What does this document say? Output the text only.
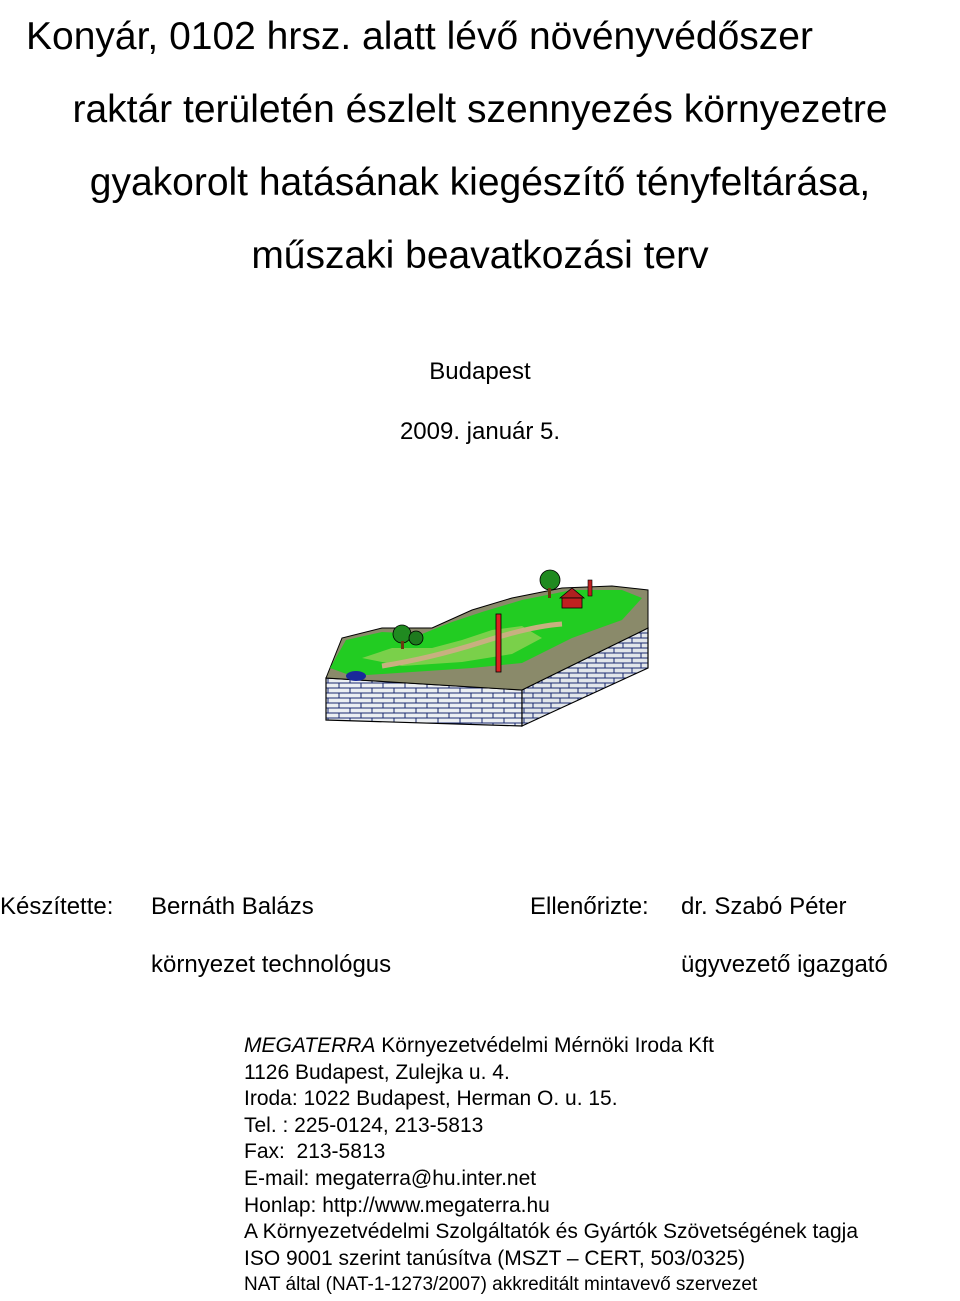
Konyár, 0102 hrsz. alatt lévő növényvédőszer
raktár területén észlelt szennyezés környezetre
gyakorolt hatásának kiegészítő tényfeltárása,
műszaki beavatkozási terv
Budapest
2009. január 5.
Készítette: Bernáth Balázs
környezet technológus
Ellenőrizte: dr. Szabó Péter
ügyvezető igazgató
MEGATERRA Környezetvédelmi Mérnöki Iroda Kft
1126 Budapest, Zulejka u. 4.
Iroda: 1022 Budapest, Herman O. u. 15.
Tel. : 225-0124, 213-5813
Fax:  213-5813
E-mail: megaterra@hu.inter.net
Honlap: http://www.megaterra.hu
A Környezetvédelmi Szolgáltatók és Gyártók Szövetségének tagja
ISO 9001 szerint tanúsítva (MSZT – CERT, 503/0325)
NAT által (NAT-1-1273/2007) akkreditált mintavevő szervezet
